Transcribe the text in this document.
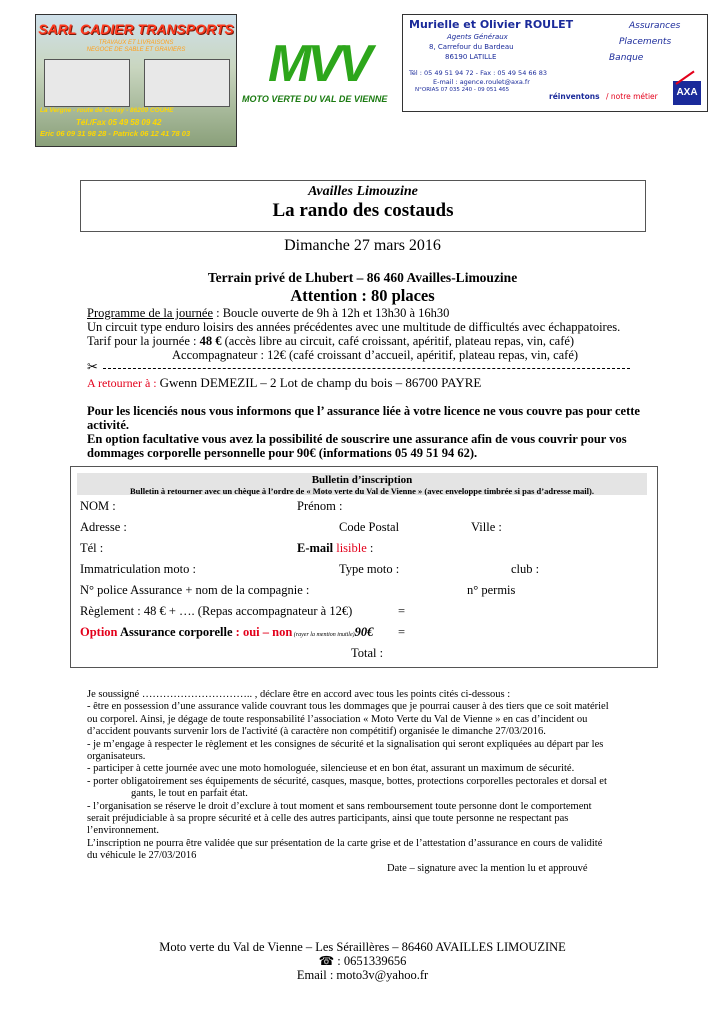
SARL CADIER TRANSPORTS
TRAVAUX ET LIVRAISONS
NEGOCE DE SABLE ET GRAVIERS
La Vergne - route de Civray - 86200 COUHE
Tél./Fax 05 49 58 09 42
Eric 06 09 31 98 28 - Patrick 06 12 41 78 03
MVV
MOTO VERTE DU VAL DE VIENNE
Murielle et Olivier ROULET
Agents Généraux
8, Carrefour du Bardeau
86190 LATILLE
Tél : 05 49 51 94 72 - Fax : 05 49 54 66 83
E-mail : agence.roulet@axa.fr
N°ORIAS 07 035 240 - 09 051 465
Assurances
Placements
Banque
réinventons / notre métier	AXA
Availles Limouzine
La rando des costauds
Dimanche 27 mars 2016
Terrain privé de Lhubert – 86 460 Availles-Limouzine
Attention : 80 places
Programme de la journée : Boucle ouverte de 9h à 12h et 13h30 à 16h30
Un circuit type enduro loisirs des années précédentes avec une multitude de difficultés avec échappatoires.
Tarif pour la journée : 48 € (accès libre au circuit, café croissant, apéritif, plateau repas, vin, café)
Accompagnateur : 12€ (café croissant d’accueil, apéritif, plateau repas, vin, café)
✂
A retourner à : Gwenn DEMEZIL – 2 Lot de champ du bois – 86700 PAYRE
Pour les licenciés nous vous informons que l’ assurance liée à votre licence ne vous couvre pas pour cette
activité.
En option facultative vous avez la possibilité de souscrire une assurance afin de vous couvrir pour vos
dommages corporelle personnelle pour 90€ (informations 05 49 51 94 62).
Bulletin d’inscription
Bulletin à retourner avec un chèque à l’ordre de « Moto verte du Val de Vienne » (avec enveloppe timbrée si pas d’adresse mail).
NOM :	Prénom :
Adresse :	Code Postal	Ville :
Tél :	E-mail lisible :
Immatriculation moto :	Type moto :	club :
N° police Assurance + nom de la compagnie :	n° permis
Règlement : 48 € + …. (Repas accompagnateur à 12€)	=
Option Assurance corporelle : oui – non (rayer la mention inutile)90€ =
Total :
Je soussigné ………………………….. , déclare être en accord avec tous les points cités ci-dessous :
- être en possession d’une assurance valide couvrant tous les dommages que je pourrai causer à des tiers que ce soit matériel
ou corporel. Ainsi, je dégage de toute responsabilité l’association « Moto Verte du Val de Vienne » en cas d’incident ou
d’accident pouvants survenir lors de l'activité (à caractère non compétitif) organisée le dimanche 27/03/2016.
- je m’engage à respecter le règlement et les consignes de sécurité et la signalisation qui seront expliquées au départ par les
organisateurs.
- participer à cette journée avec une moto homologuée, silencieuse et en bon état, assurant un maximum de sécurité.
- porter obligatoirement ses équipements de sécurité, casques, masque, bottes, protections corporelles pectorales et dorsal et
gants, le tout en parfait état.
- l’organisation se réserve le droit d’exclure à tout moment et sans remboursement toute personne dont le comportement
serait préjudiciable à sa propre sécurité et à celle des autres participants, ainsi que toute personne ne respectant pas
l’environnement.
L’inscription ne pourra être validée que sur présentation de la carte grise et de l’attestation d’assurance en cours de validité
du véhicule le 27/03/2016
Date – signature avec la mention lu et approuvé
Moto verte du Val de Vienne – Les Séraillères – 86460 AVAILLES LIMOUZINE
☎ : 0651339656
Email : moto3v@yahoo.fr
